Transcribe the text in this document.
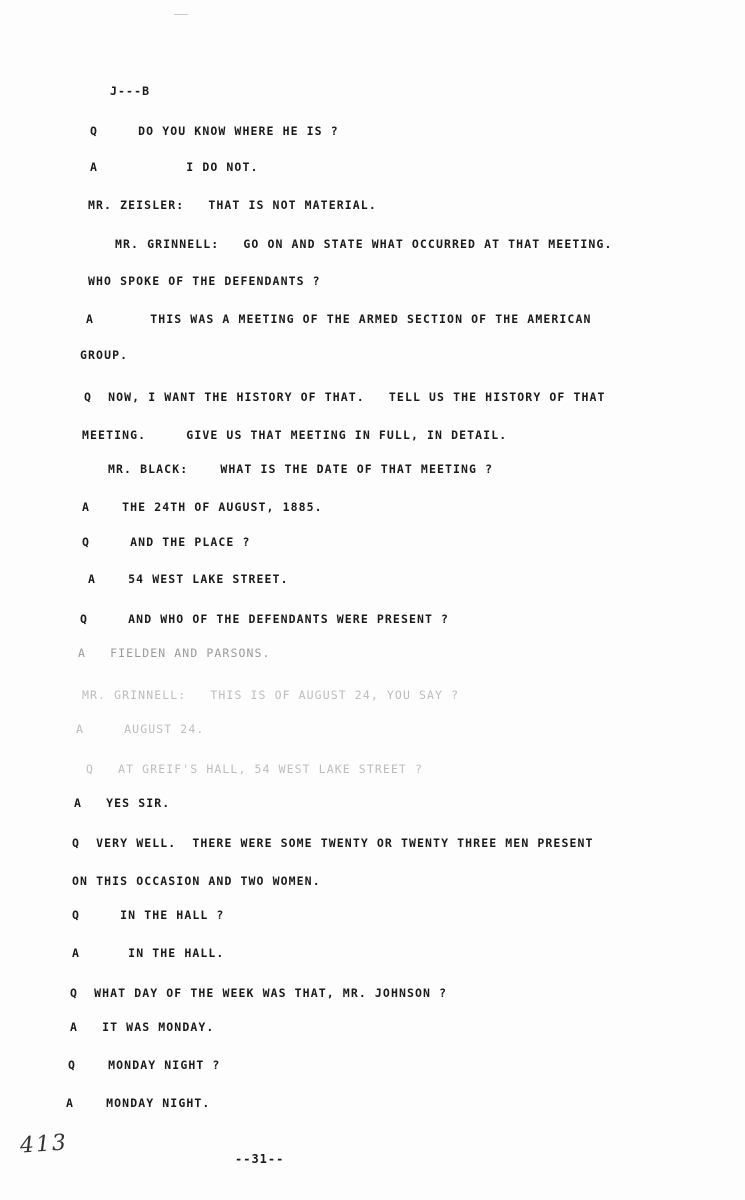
J---B
Q     DO YOU KNOW WHERE HE IS ?
A           I DO NOT.
MR. ZEISLER:   THAT IS NOT MATERIAL.
MR. GRINNELL:   GO ON AND STATE WHAT OCCURRED AT THAT MEETING.
WHO SPOKE OF THE DEFENDANTS ?
A       THIS WAS A MEETING OF THE ARMED SECTION OF THE AMERICAN
GROUP.
Q  NOW, I WANT THE HISTORY OF THAT.   TELL US THE HISTORY OF THAT
MEETING.     GIVE US THAT MEETING IN FULL, IN DETAIL.
MR. BLACK:    WHAT IS THE DATE OF THAT MEETING ?
A    THE 24TH OF AUGUST, 1885.
Q     AND THE PLACE ?
A    54 WEST LAKE STREET.
Q     AND WHO OF THE DEFENDANTS WERE PRESENT ?
A   FIELDEN AND PARSONS.
MR. GRINNELL:   THIS IS OF AUGUST 24, YOU SAY ?
A     AUGUST 24.
Q   AT GREIF'S HALL, 54 WEST LAKE STREET ?
A   YES SIR.
Q  VERY WELL.  THERE WERE SOME TWENTY OR TWENTY THREE MEN PRESENT
ON THIS OCCASION AND TWO WOMEN.
Q     IN THE HALL ?
A      IN THE HALL.
Q  WHAT DAY OF THE WEEK WAS THAT, MR. JOHNSON ?
A   IT WAS MONDAY.
Q    MONDAY NIGHT ?
A    MONDAY NIGHT.
413
--31--
